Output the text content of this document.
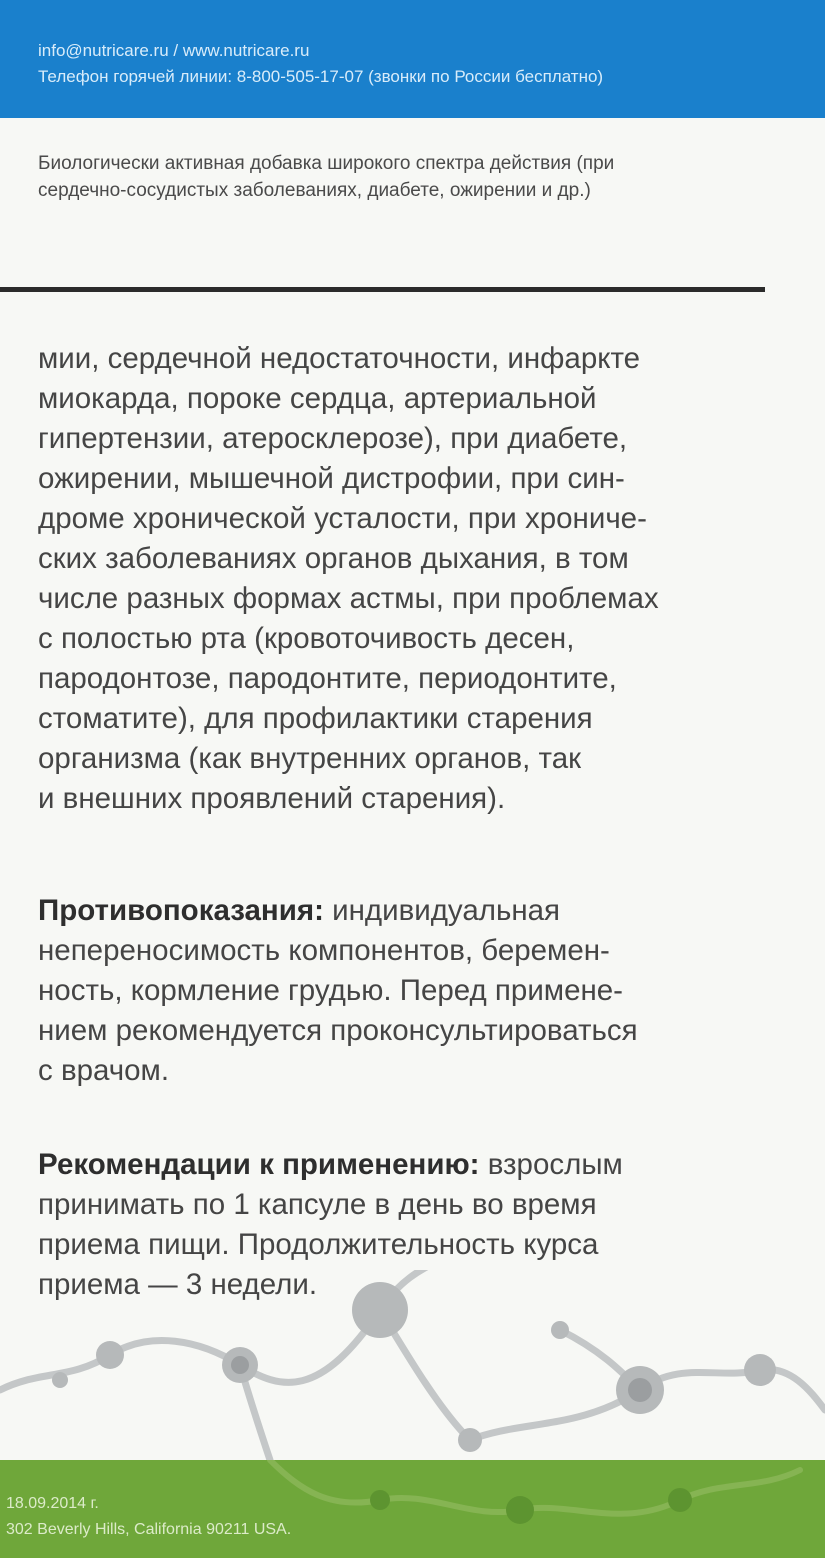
info@nutricare.ru / www.nutricare.ru
Телефон горячей линии: 8-800-505-17-07 (звонки по России бесплатно)
Биологически активная добавка широкого спектра действия (при
сердечно-сосудистых заболеваниях, диабете, ожирении и др.)
мии, сердечной недостаточности, инфаркте
миокарда, пороке сердца, артериальной
гипертензии, атеросклерозе), при диабете,
ожирении, мышечной дистрофии, при син-
дроме хронической усталости, при хрониче-
ских заболеваниях органов дыхания, в том
числе разных формах астмы, при проблемах
с полостью рта (кровоточивость десен,
пародонтозе, пародонтите, периодонтите,
стоматите), для профилактики старения
организма (как внутренних органов, так
и внешних проявлений старения).
Противопоказания: индивидуальная
непереносимость компонентов, беремен-
ность, кормление грудью. Перед примене-
нием рекомендуется проконсультироваться
с врачом.
Рекомендации к применению: взрослым
принимать по 1 капсуле в день во время
приема пищи. Продолжительность курса
приема — 3 недели.
18.09.2014 г.
302 Beverly Hills, California 90211 USA.
